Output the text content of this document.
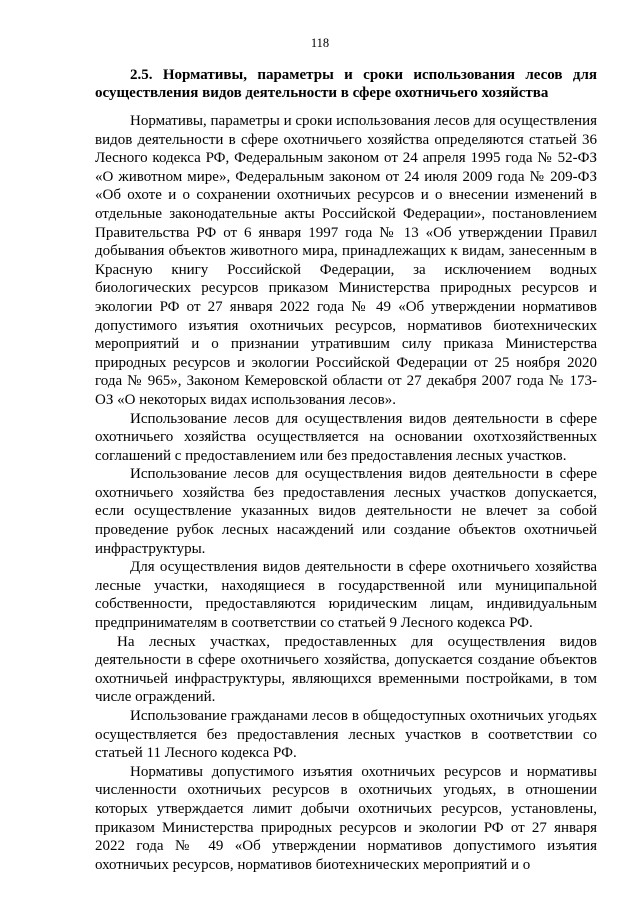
118
2.5. Нормативы, параметры и сроки использования лесов для осуществления видов деятельности в сфере охотничьего хозяйства

Нормативы, параметры и сроки использования лесов для осуществления видов деятельности в сфере охотничьего хозяйства определяются статьей 36 Лесного кодекса РФ, Федеральным законом от 24 апреля 1995 года № 52-ФЗ «О животном мире», Федеральным законом от 24 июля 2009 года № 209-ФЗ «Об охоте и о сохранении охотничьих ресурсов и о внесении изменений в отдельные законодательные акты Российской Федерации», постановлением Правительства РФ от 6 января 1997 года № 13 «Об утверждении Правил добывания объектов животного мира, принадлежащих к видам, занесенным в Красную книгу Российской Федерации, за исключением водных биологических ресурсов приказом Министерства природных ресурсов и экологии РФ от 27 января 2022 года № 49 «Об утверждении нормативов допустимого изъятия охотничьих ресурсов, нормативов биотехнических мероприятий и о признании утратившим силу приказа Министерства природных ресурсов и экологии Российской Федерации от 25 ноября 2020 года № 965», Законом Кемеровской области от 27 декабря 2007 года № 173-ОЗ «О некоторых видах использования лесов».

Использование лесов для осуществления видов деятельности в сфере охотничьего хозяйства осуществляется на основании охотхозяйственных соглашений с предоставлением или без предоставления лесных участков.

Использование лесов для осуществления видов деятельности в сфере охотничьего хозяйства без предоставления лесных участков допускается, если осуществление указанных видов деятельности не влечет за собой проведение рубок лесных насаждений или создание объектов охотничьей инфраструктуры.

Для осуществления видов деятельности в сфере охотничьего хозяйства лесные участки, находящиеся в государственной или муниципальной собственности, предоставляются юридическим лицам, индивидуальным предпринимателям в соответствии со статьей 9 Лесного кодекса РФ.

На лесных участках, предоставленных для осуществления видов деятельности в сфере охотничьего хозяйства, допускается создание объектов охотничьей инфраструктуры, являющихся временными постройками, в том числе ограждений.

Использование гражданами лесов в общедоступных охотничьих угодьях осуществляется без предоставления лесных участков в соответствии со статьей 11 Лесного кодекса РФ.

Нормативы допустимого изъятия охотничьих ресурсов и нормативы численности охотничьих ресурсов в охотничьих угодьях, в отношении которых утверждается лимит добычи охотничьих ресурсов, установлены, приказом Министерства природных ресурсов и экологии РФ от 27 января 2022 года № 49 «Об утверждении нормативов допустимого изъятия охотничьих ресурсов, нормативов биотехнических мероприятий и о
